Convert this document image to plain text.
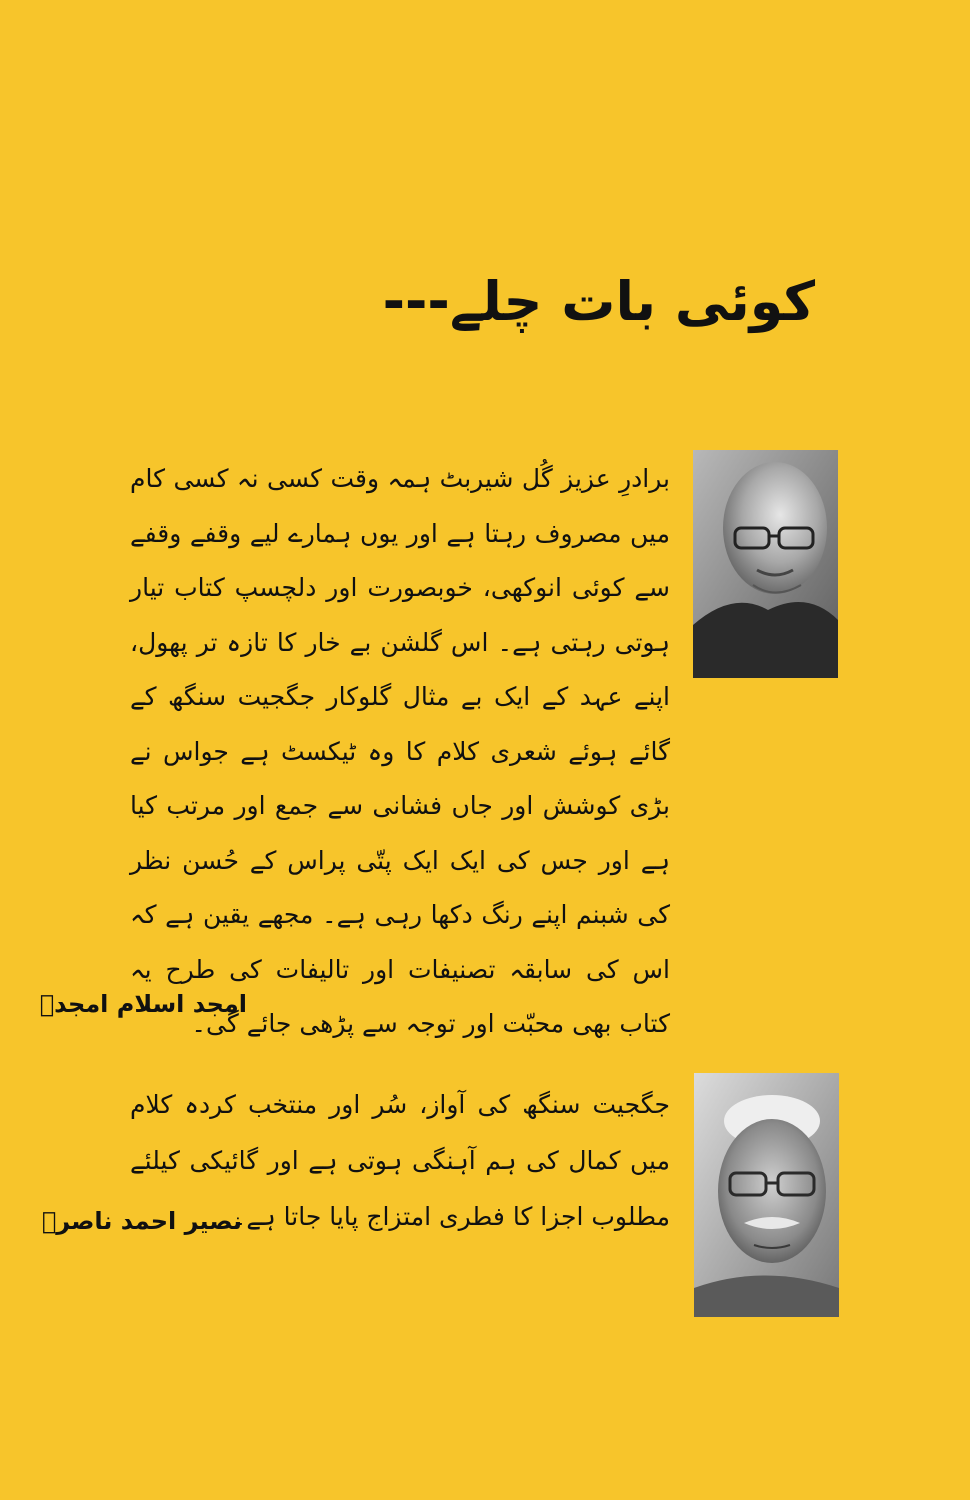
کوئی بات چلے---
برادرِ عزیز گُل شیربٹ ہمہ وقت کسی نہ کسی کام میں مصروف رہتا ہے اور یوں ہمارے لیے وقفے وقفے سے کوئی انوکھی، خوبصورت اور دلچسپ کتاب تیار ہوتی رہتی ہے۔ اس گلشن بے خار کا تازہ تر پھول، اپنے عہد کے ایک بے مثال گلوکار جگجیت سنگھ کے گائے ہوئے شعری کلام کا وہ ٹیکسٹ ہے جواس نے بڑی کوشش اور جاں فشانی سے جمع اور مرتب کیا ہے اور جس کی ایک ایک پتّی پراس کے حُسن نظر کی شبنم اپنے رنگ دکھا رہی ہے۔ مجھے یقین ہے کہ اس کی سابقہ تصنیفات اور تالیفات کی طرح یہ کتاب بھی محبّت اور توجہ سے پڑھی جائے گی۔
امجد اسلام امجدؔ
جگجیت سنگھ کی آواز، سُر اور منتخب کردہ کلام میں کمال کی ہم آہنگی ہوتی ہے اور گائیکی کیلئے مطلوب اجزا کا فطری امتزاج پایا جاتا ہے۔
نصیر احمد ناصرؔ
